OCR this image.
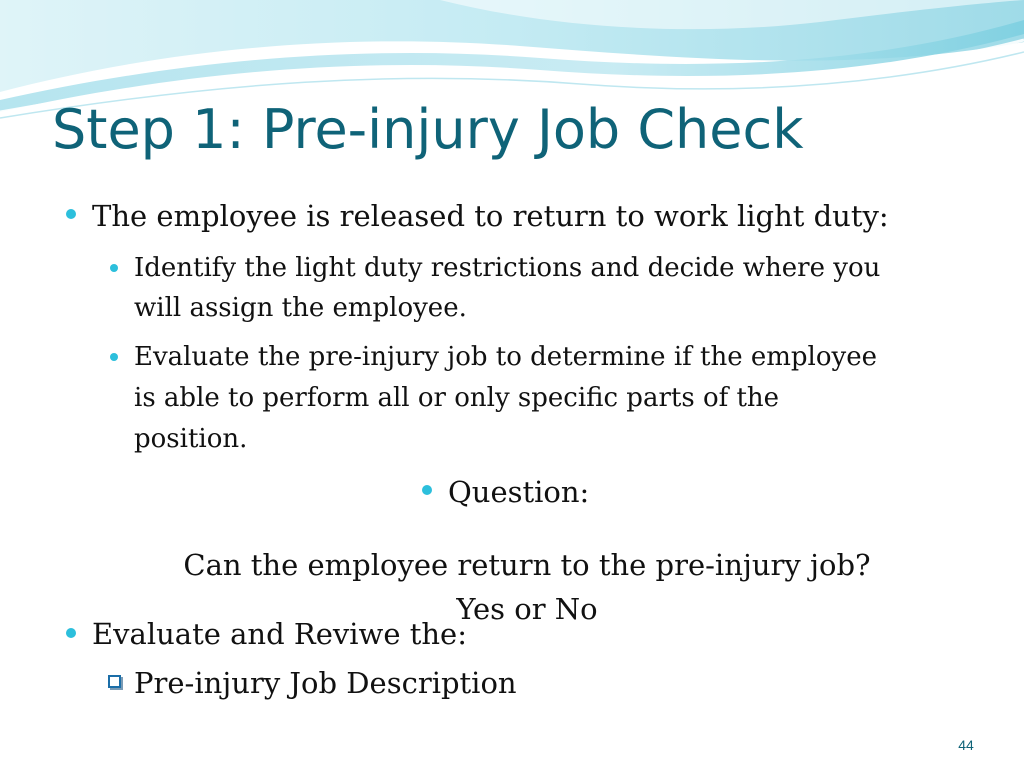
Step 1: Pre-injury Job Check

The employee is released to return to work light duty:

Identify the light duty restrictions and decide where you

will assign the employee.

Evaluate the pre-injury job to determine if the employee

is able to perform all or only specific parts of the

position.

Question:

Can the employee return to the pre-injury job?

Yes or No

Evaluate and Reviwe the:

Pre-injury Job Description

44
